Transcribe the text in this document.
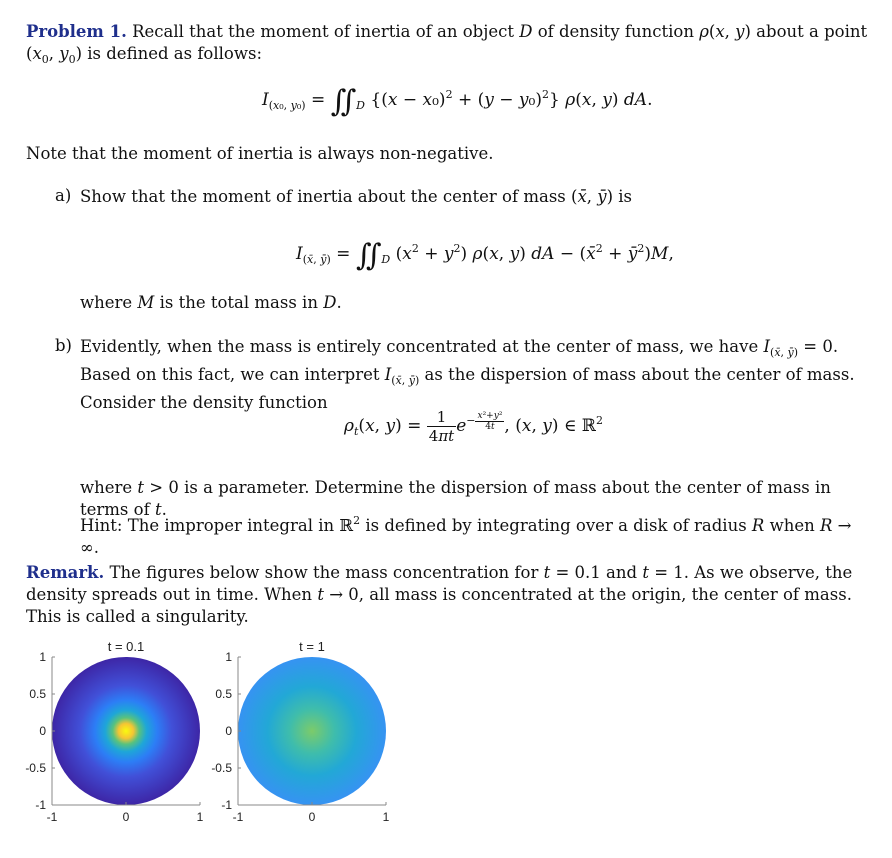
Problem 1. Recall that the moment of inertia of an object D of density function ρ(x, y) about a point ($x_0$, $y_0$) is defined as follows:
$I_{(x_0, y_0)}$ = $∬_D$ $\{(x - x_0)^2 + (y - y_0)^2\}$ ρ(x, y) dA.
Note that the moment of inertia is always non-negative.
a) Show that the moment of inertia about the center of mass (x̄, ȳ) is
$I_{(x̄, ȳ)}$ = $∬_D$ $(x^2 + y^2)$ ρ(x, y) dA − (x̄$^2$ + $ȳ^2)M$,
where M is the total mass in D.
b) Evidently, when the mass is entirely concentrated at the center of mass, we have $I_{(x̄, ȳ)} = 0$. Based on this fact, we can interpret $I_{(x̄, ȳ)}$ as the dispersion of mass about the center of mass. Consider the density function
$\rho_t(x$, $y) = \frac{1}{4\pi t} e^{- \frac{\text{x²+y²}}{4t}}$ , (x, y) ∈ ℝ$^2$
where t > 0 is a parameter. Determine the dispersion of mass about the center of mass in terms of t.
Hint: The improper integral in ℝ$^2$ is defined by integrating over a disk of radius R when R → ∞.
Remark. The figures below show the mass concentration for t = 0.1 and t = 1. As we observe, the density spreads out in time. When t → 0, all mass is concentrated at the origin, the center of mass. This is called a singularity.
t = 0.1
1
0.5
0
-0.5
-1
-1	0	1
t = 1
1
0.5
0
-0.5
-1
-1	0	1
